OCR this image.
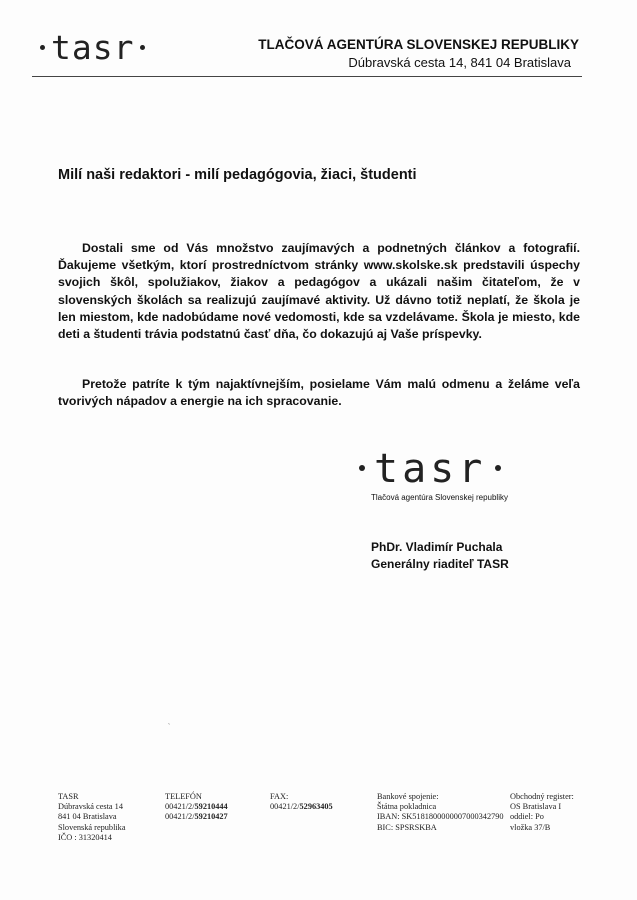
tasr	TLAČOVÁ AGENTÚRA SLOVENSKEJ REPUBLIKY
Dúbravská cesta 14, 841 04 Bratislava
Milí naši redaktori - milí pedagógovia, žiaci, študenti
Dostali sme od Vás množstvo zaujímavých a podnetných článkov a fotografií. Ďakujeme všetkým, ktorí prostredníctvom stránky www.skolske.sk predstavili úspechy svojich škôl, spolužiakov, žiakov a pedagógov a ukázali našim čitateľom, že v slovenských školách sa realizujú zaujímavé aktivity. Už dávno totiž neplatí, že škola je len miestom, kde nadobúdame nové vedomosti, kde sa vzdelávame. Škola je miesto, kde deti a študenti trávia podstatnú časť dňa, čo dokazujú aj Vaše príspevky.
Pretože patríte k tým najaktívnejším, posielame Vám malú odmenu a želáme veľa tvorivých nápadov a energie na ich spracovanie.
tasr
Tlačová agentúra Slovenskej republiky
PhDr. Vladimír Puchala
Generálny riaditeľ TASR
ˎ
TASR
Dúbravská cesta 14
841 04 Bratislava
Slovenská republika
IČO : 31320414
TELEFÓN
00421/2/59210444
00421/2/59210427
FAX:
00421/2/52963405
Bankové spojenie:
Štátna pokladnica
IBAN: SK5181800000007000342790
BIC: SPSRSKBA
Obchodný register:
OS Bratislava I
oddiel: Po
vložka 37/B
